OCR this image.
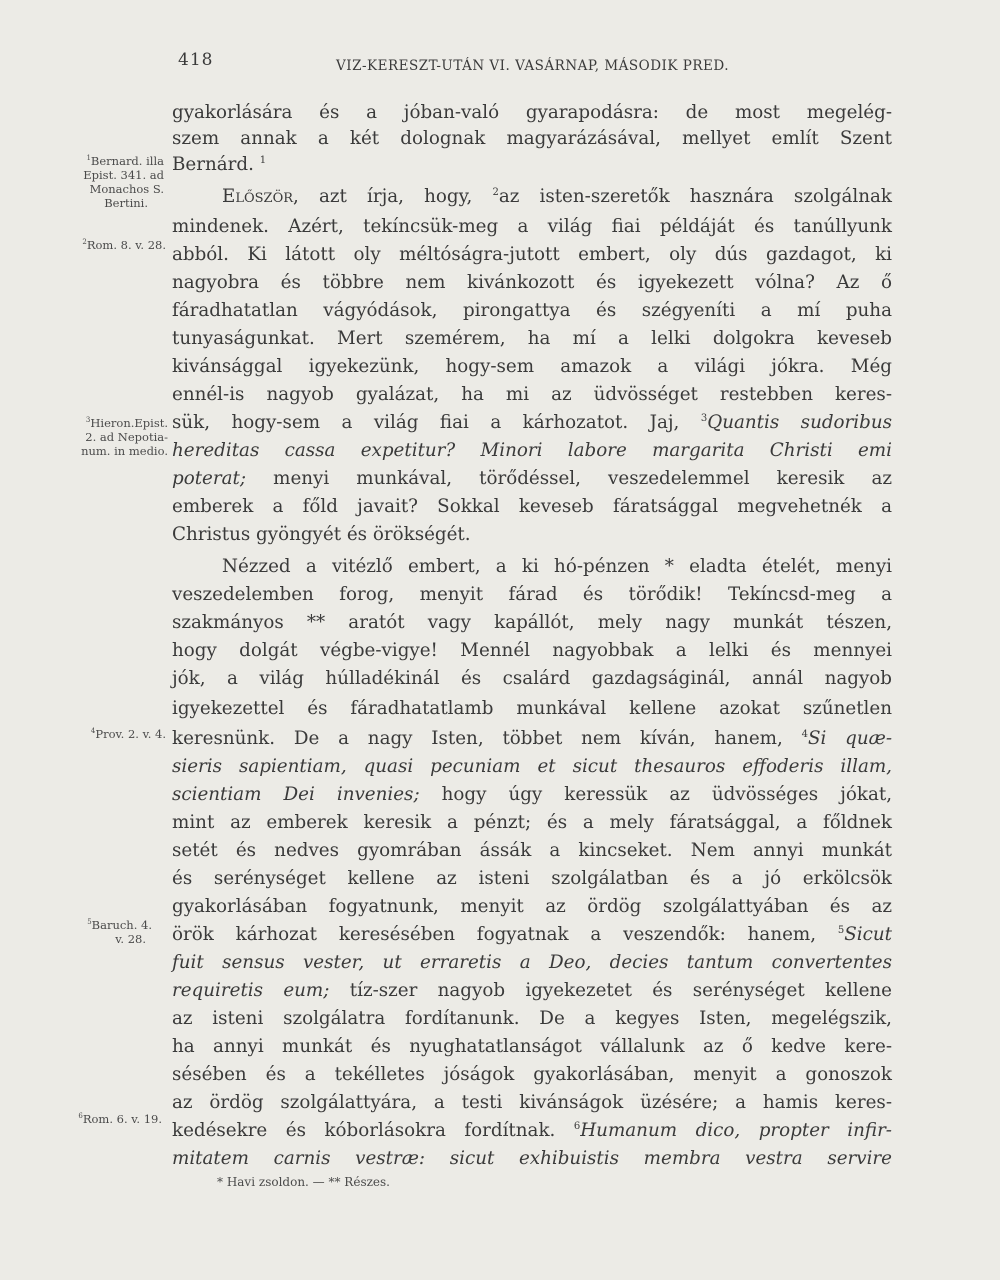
418	VIZ-KERESZT-UTÁN VI. VASÁRNAP, MÁSODIK PRED.
$^1$Bernard. illa
Epist. 341. ad
Monachos S.
Bertini.
$^2$Rom. 8. v. 28.
$^3$Hieron.Epist.
2. ad Nepotia-
num. in medio.
$^4$Prov. 2. v. 4.
$^5$Baruch. 4.
v. 28.
$^6$Rom. 6. v. 19.
gyakorlására és a jóban-való gyarapodásra: de most megelég-
szem annak a két dolognak magyarázásával, mellyet említ Szent
Bernárd. $^1$
Először, azt írja, hogy, $^2$az isten-szeretők hasznára szolgálnak
mindenek. Azért, tekíncsük-meg a világ fiai példáját és tanúllyunk
abból. Ki látott oly méltóságra-jutott embert, oly dús gazdagot, ki
nagyobra és többre nem kivánkozott és igyekezett vólna? Az ő
fáradhatatlan vágyódások, pirongattya és szégyeníti a mí puha
tunyaságunkat. Mert szemérem, ha mí a lelki dolgokra keveseb
kivánsággal igyekezünk, hogy-sem amazok a világi jókra. Még
ennél-is nagyob gyalázat, ha mi az üdvösséget restebben keres-
sük, hogy-sem a világ fiai a kárhozatot. Jaj, $^3$Quantis sudoribus
hereditas cassa expetitur? Minori labore margarita Christi emi
poterat; menyi munkával, törődéssel, veszedelemmel keresik az
emberek a főld javait? Sokkal keveseb fáratsággal megvehetnék a
Christus gyöngyét és örökségét.
Nézzed a vitézlő embert, a ki hó-pénzen * eladta ételét, menyi
veszedelemben forog, menyit fárad és törődik! Tekíncsd-meg a
szakmányos ** aratót vagy kapállót, mely nagy munkát tészen,
hogy dolgát végbe-vigye! Mennél nagyobbak a lelki és mennyei
jók, a világ húlladékinál és csalárd gazdagságinál, annál nagyob
igyekezettel és fáradhatatlamb munkával kellene azokat szűnetlen
keresnünk. De a nagy Isten, többet nem kíván, hanem, $^4$Si quæ-
sieris sapientiam, quasi pecuniam et sicut thesauros effoderis illam,
scientiam Dei invenies; hogy úgy keressük az üdvösséges jókat,
mint az emberek keresik a pénzt; és a mely fáratsággal, a főldnek
setét és nedves gyomrában ássák a kincseket. Nem annyi munkát
és serénységet kellene az isteni szolgálatban és a jó erkölcsök
gyakorlásában fogyatnunk, menyit az ördög szolgálattyában és az
örök kárhozat keresésében fogyatnak a veszendők: hanem, $^5$Sicut
fuit sensus vester, ut erraretis a Deo, decies tantum convertentes
requiretis eum; tíz-szer nagyob igyekezetet és serénységet kellene
az isteni szolgálatra fordítanunk. De a kegyes Isten, megelégszik,
ha annyi munkát és nyughatatlanságot vállalunk az ő kedve kere-
sésében és a tekélletes jóságok gyakorlásában, menyit a gonoszok
az ördög szolgálattyára, a testi kivánságok üzésére; a hamis keres-
kedésekre és kóborlásokra fordítnak. $^6$Humanum dico, propter infir-
mitatem carnis vestræ: sicut exhibuistis membra vestra servire
* Havi zsoldon. — ** Részes.
